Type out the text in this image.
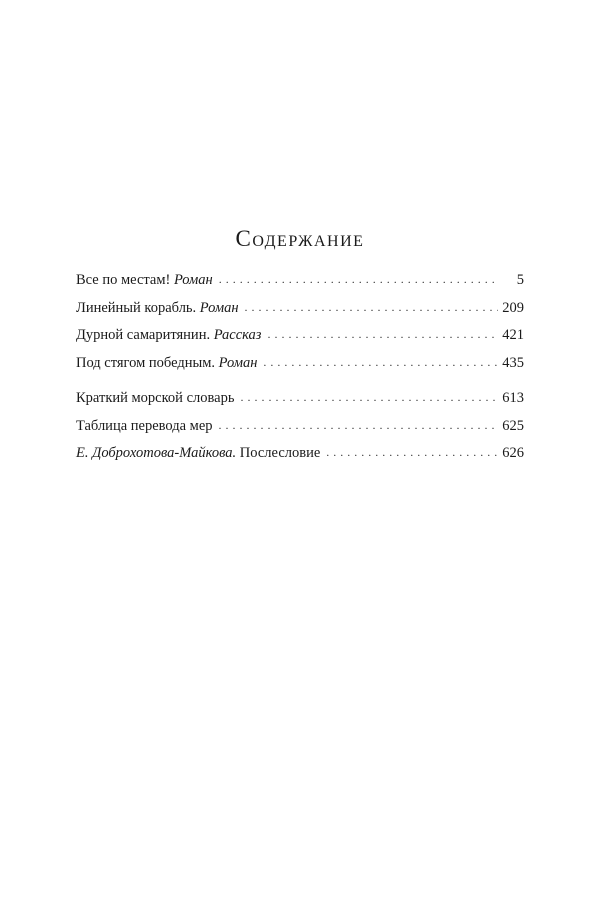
Содержание
Все по местам! Роман . . .	5
Линейный корабль. Роман . . .	209
Дурной самаритянин. Рассказ . . .	421
Под стягом победным. Роман . . .	435
Краткий морской словарь . . .	613
Таблица перевода мер . . .	625
Е. Доброхотова-Майкова. Послесловие . . .	626
